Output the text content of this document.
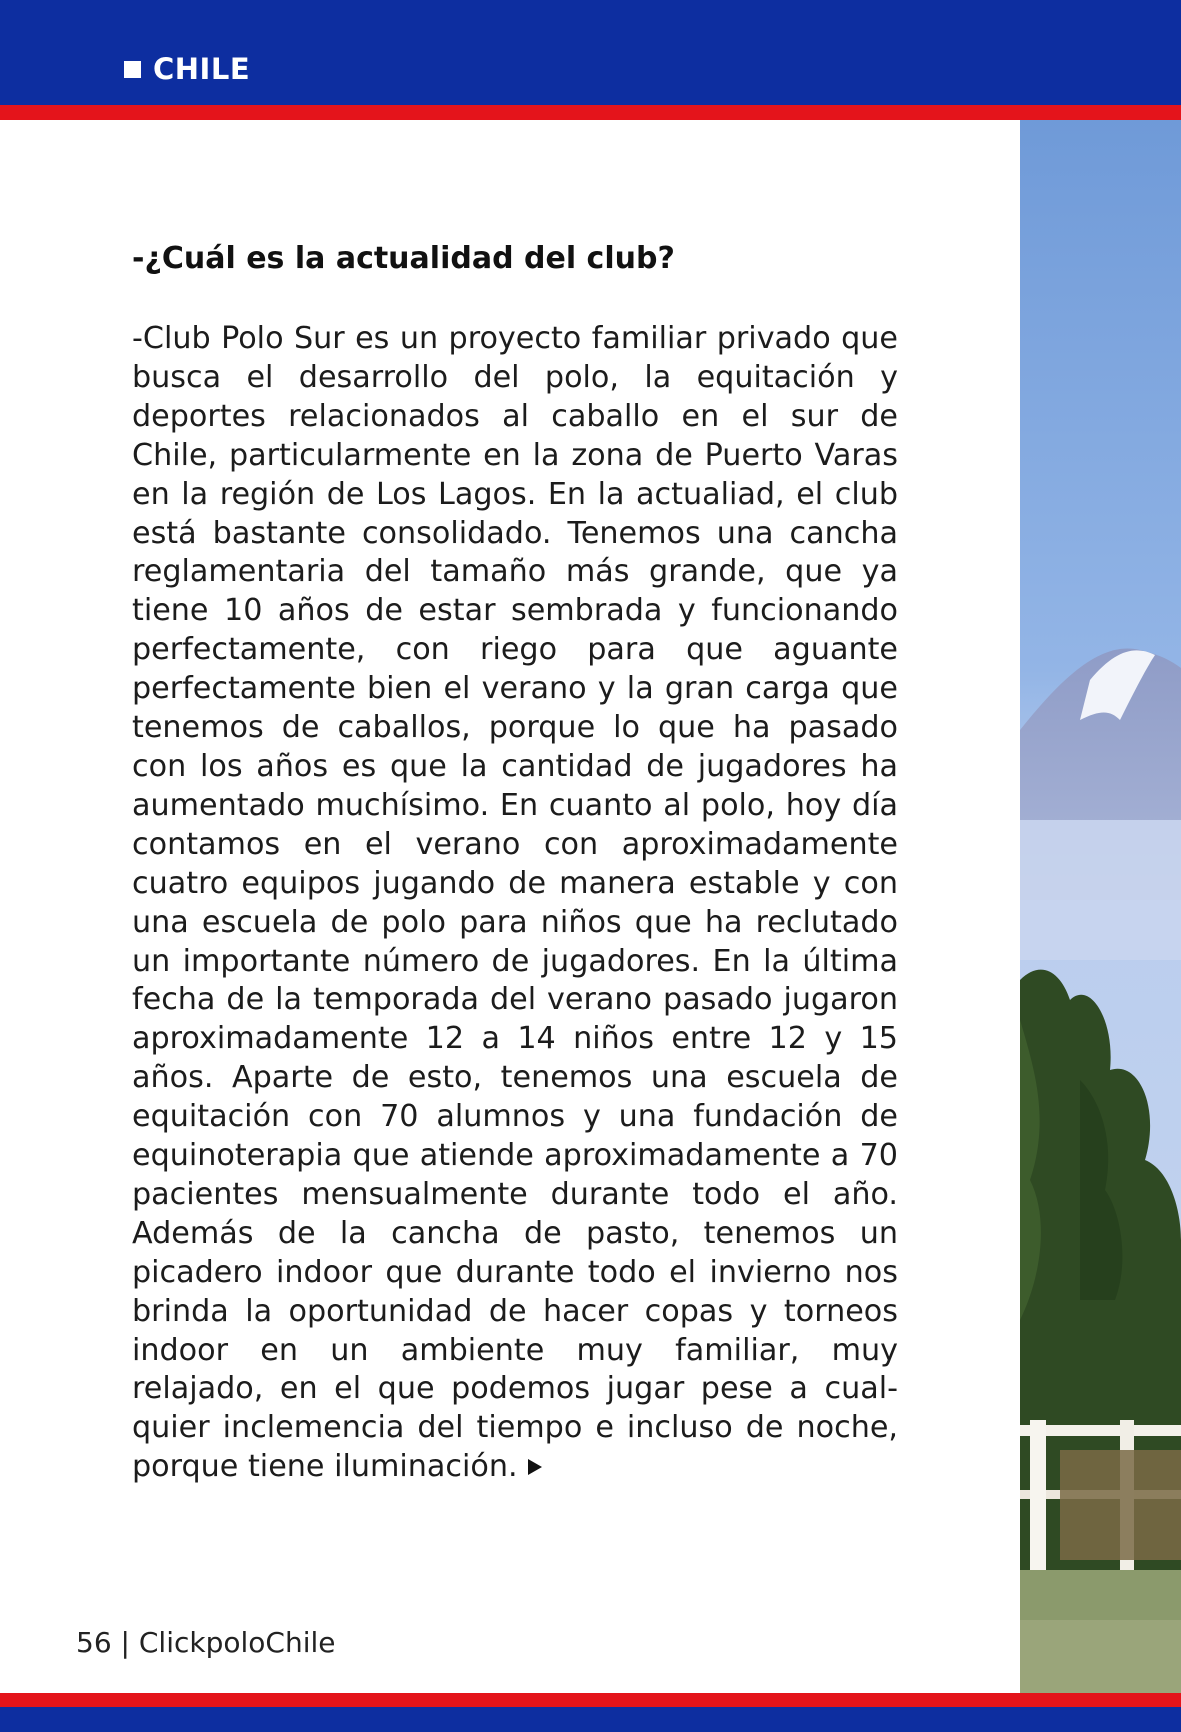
CHILE

-¿Cuál es la actualidad del club?

-Club Polo Sur es un proyecto familiar privado que busca el desarrollo del polo, la equitación y deportes relacionados al caballo en el sur de Chile, particularmente en la zona de Puerto Varas en la región de Los Lagos. En la actualiad, el club está bastante consolidado. Tenemos una cancha reglamentaria del tamaño más grande, que ya tiene 10 años de estar sembrada y funcionando perfectamente, con riego para que aguante perfectamente bien el verano y la gran carga que tenemos de caballos, porque lo que ha pasado con los años es que la cantidad de jugadores ha aumentado muchísimo. En cuanto al polo, hoy día contamos en el verano con aproximadamente cuatro equipos jugando de manera estable y con una escuela de polo para niños que ha reclutado un importante número de jugadores. En la última fecha de la temporada del verano pasado jugaron aproximadamente 12 a 14 niños entre 12 y 15 años. Aparte de esto, tenemos una escuela de equitación con 70 alumnos y una fundación de equinoterapia que atiende aproximadamente a 70 pacientes mensualmente durante todo el año. Además de la cancha de pasto, tenemos un picadero indoor que durante todo el invierno nos brinda la oportunidad de hacer copas y torneos indoor en un ambiente muy familiar, muy relajado, en el que podemos jugar pese a cualquier inclemencia del tiempo e incluso de noche, porque tiene iluminación.

56 | ClickpoloChile
